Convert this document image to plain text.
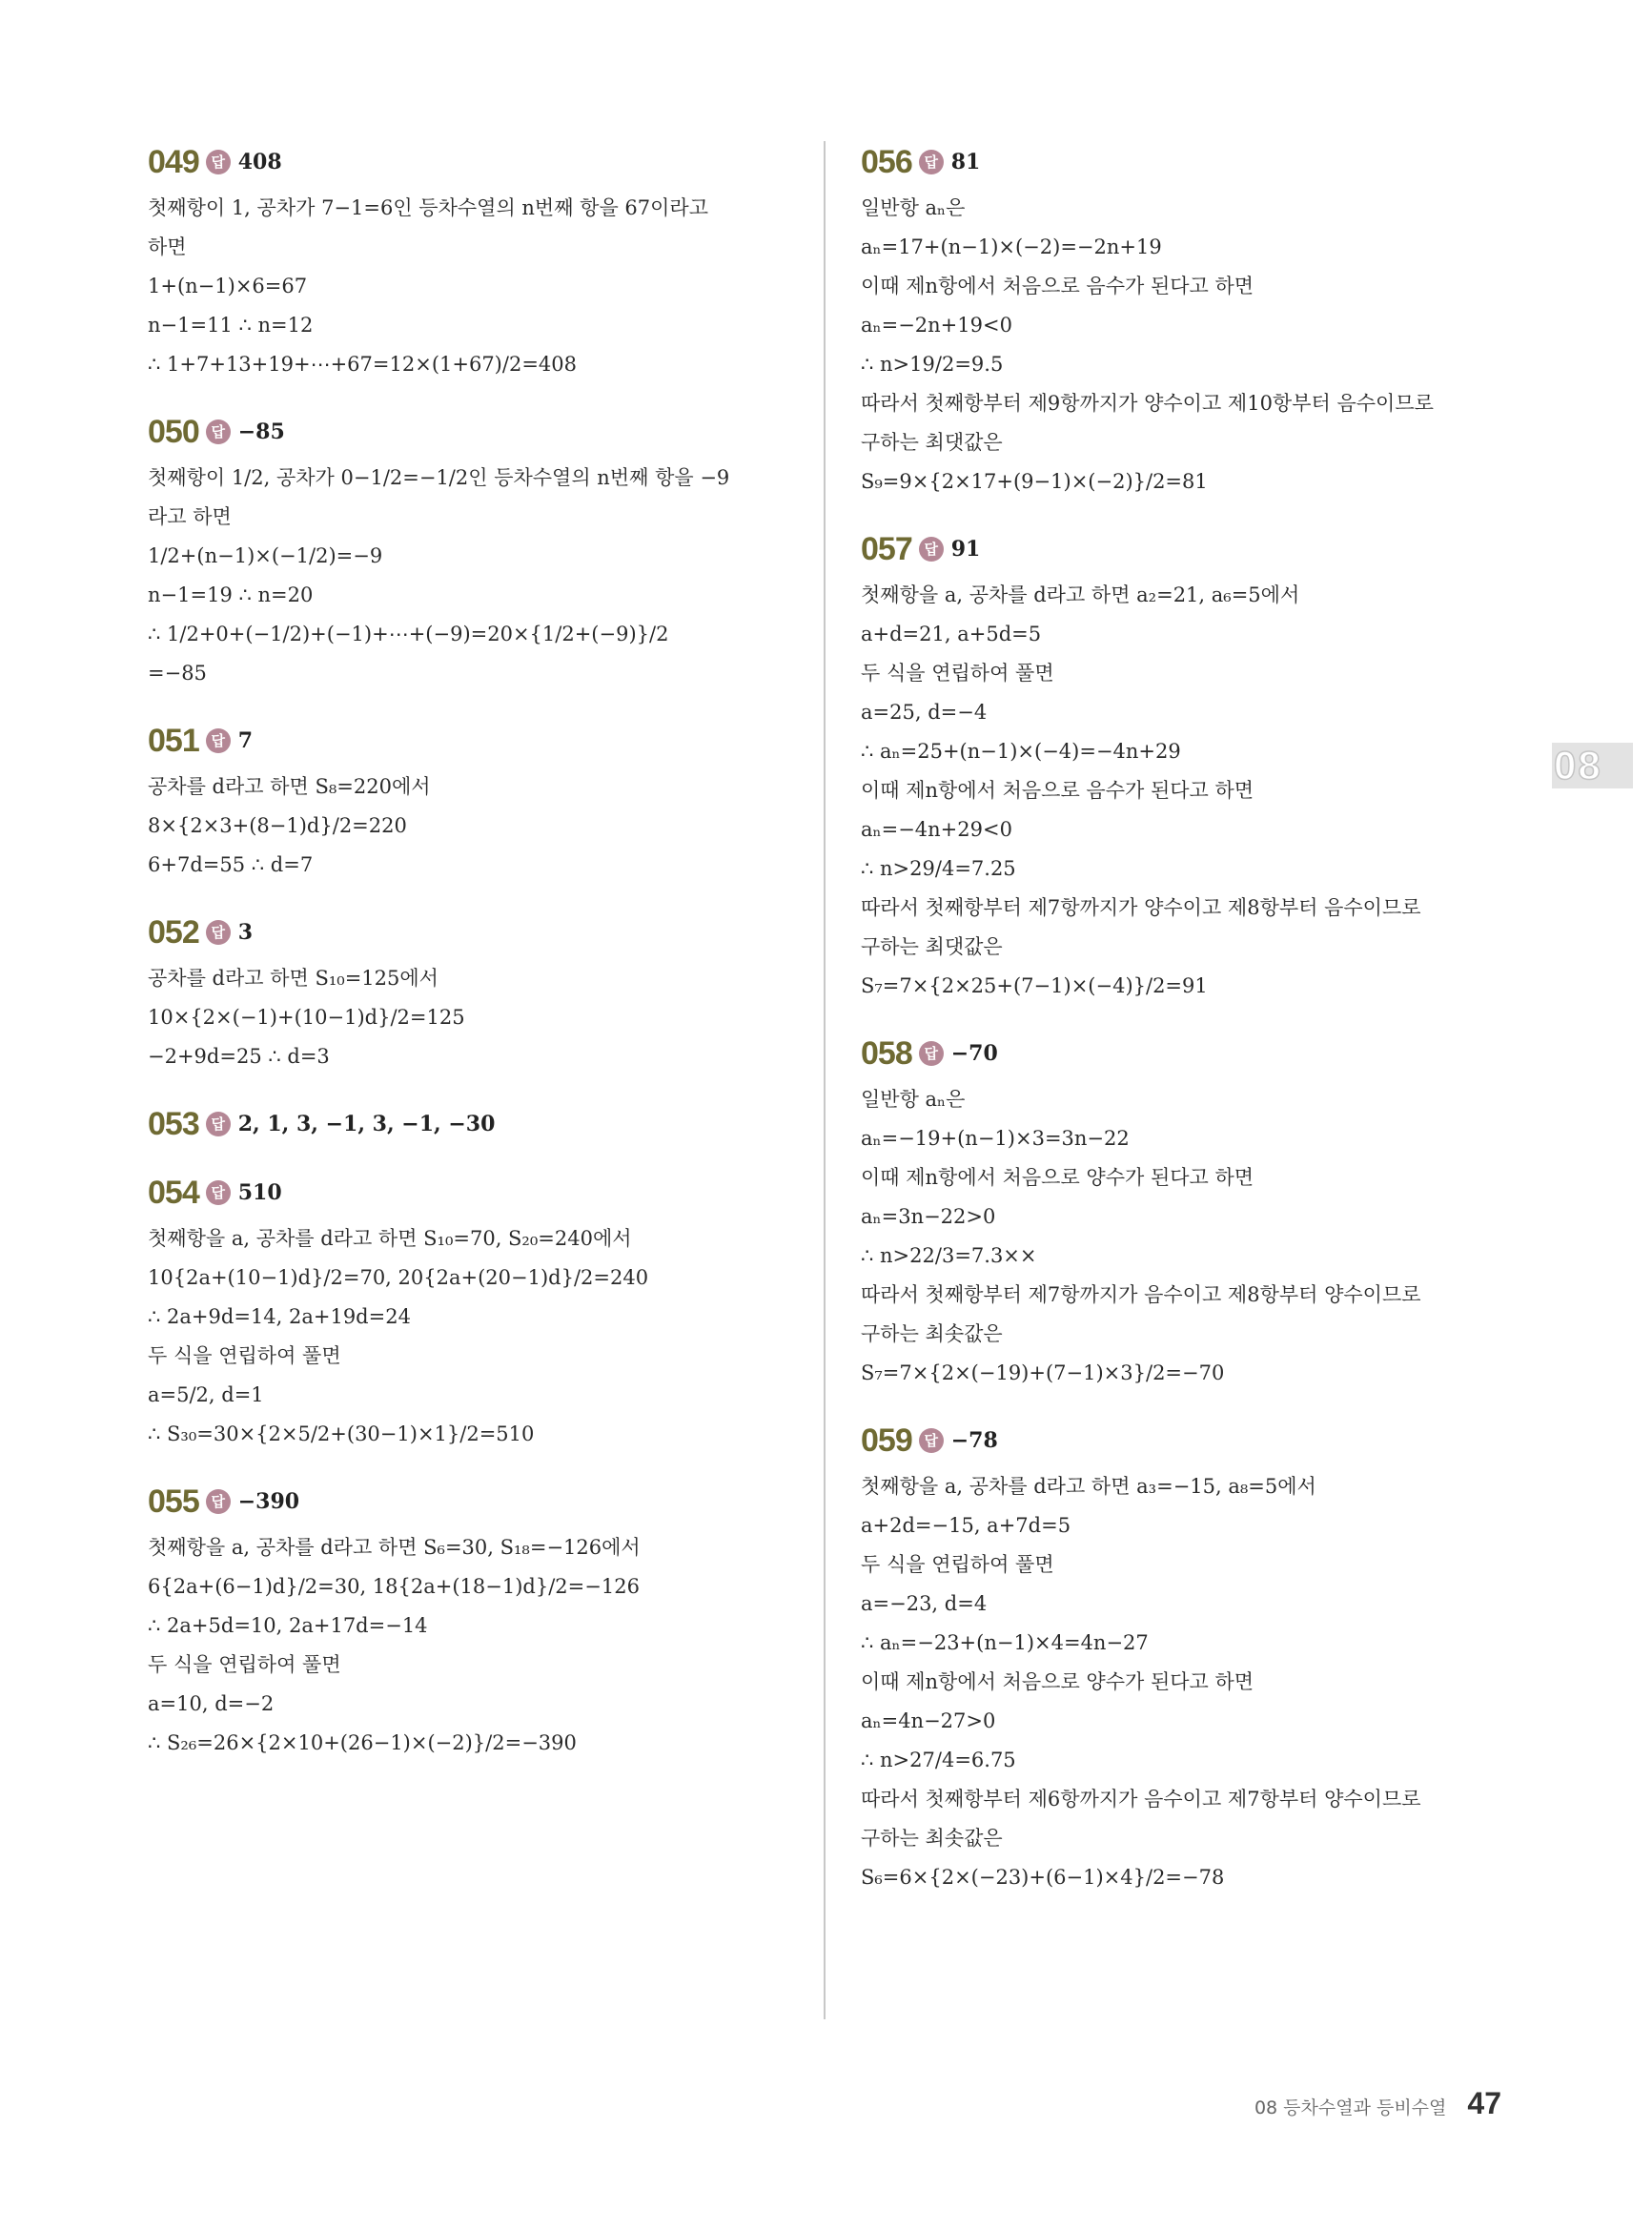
049 답 408
첫째항이 1, 공차가 7−1=6인 등차수열의 n번째 항을 67이라고
하면
1+(n−1)×6=67
n−1=11 ∴ n=12
∴ 1+7+13+19+⋯+67=12×(1+67)/2=408
050 답 −85
첫째항이 1/2, 공차가 0−1/2=−1/2인 등차수열의 n번째 항을 −9
라고 하면
1/2+(n−1)×(−1/2)=−9
n−1=19 ∴ n=20
∴ 1/2+0+(−1/2)+(−1)+⋯+(−9)=20×{1/2+(−9)}/2
=−85
051 답 7
공차를 d라고 하면 S₈=220에서
8×{2×3+(8−1)d}/2=220
6+7d=55 ∴ d=7
052 답 3
공차를 d라고 하면 S₁₀=125에서
10×{2×(−1)+(10−1)d}/2=125
−2+9d=25 ∴ d=3
053 답 2, 1, 3, −1, 3, −1, −30
054 답 510
첫째항을 a, 공차를 d라고 하면 S₁₀=70, S₂₀=240에서
10{2a+(10−1)d}/2=70, 20{2a+(20−1)d}/2=240
∴ 2a+9d=14, 2a+19d=24
두 식을 연립하여 풀면
a=5/2, d=1
∴ S₃₀=30×{2×5/2+(30−1)×1}/2=510
055 답 −390
첫째항을 a, 공차를 d라고 하면 S₆=30, S₁₈=−126에서
6{2a+(6−1)d}/2=30, 18{2a+(18−1)d}/2=−126
∴ 2a+5d=10, 2a+17d=−14
두 식을 연립하여 풀면
a=10, d=−2
∴ S₂₆=26×{2×10+(26−1)×(−2)}/2=−390
056 답 81
일반항 aₙ은
aₙ=17+(n−1)×(−2)=−2n+19
이때 제n항에서 처음으로 음수가 된다고 하면
aₙ=−2n+19<0
∴ n>19/2=9.5
따라서 첫째항부터 제9항까지가 양수이고 제10항부터 음수이므로
구하는 최댓값은
S₉=9×{2×17+(9−1)×(−2)}/2=81
057 답 91
첫째항을 a, 공차를 d라고 하면 a₂=21, a₆=5에서
a+d=21, a+5d=5
두 식을 연립하여 풀면
a=25, d=−4
∴ aₙ=25+(n−1)×(−4)=−4n+29
이때 제n항에서 처음으로 음수가 된다고 하면
aₙ=−4n+29<0
∴ n>29/4=7.25
따라서 첫째항부터 제7항까지가 양수이고 제8항부터 음수이므로
구하는 최댓값은
S₇=7×{2×25+(7−1)×(−4)}/2=91
058 답 −70
일반항 aₙ은
aₙ=−19+(n−1)×3=3n−22
이때 제n항에서 처음으로 양수가 된다고 하면
aₙ=3n−22>0
∴ n>22/3=7.3××
따라서 첫째항부터 제7항까지가 음수이고 제8항부터 양수이므로
구하는 최솟값은
S₇=7×{2×(−19)+(7−1)×3}/2=−70
059 답 −78
첫째항을 a, 공차를 d라고 하면 a₃=−15, a₈=5에서
a+2d=−15, a+7d=5
두 식을 연립하여 풀면
a=−23, d=4
∴ aₙ=−23+(n−1)×4=4n−27
이때 제n항에서 처음으로 양수가 된다고 하면
aₙ=4n−27>0
∴ n>27/4=6.75
따라서 첫째항부터 제6항까지가 음수이고 제7항부터 양수이므로
구하는 최솟값은
S₆=6×{2×(−23)+(6−1)×4}/2=−78
08
08 등차수열과 등비수열 47
